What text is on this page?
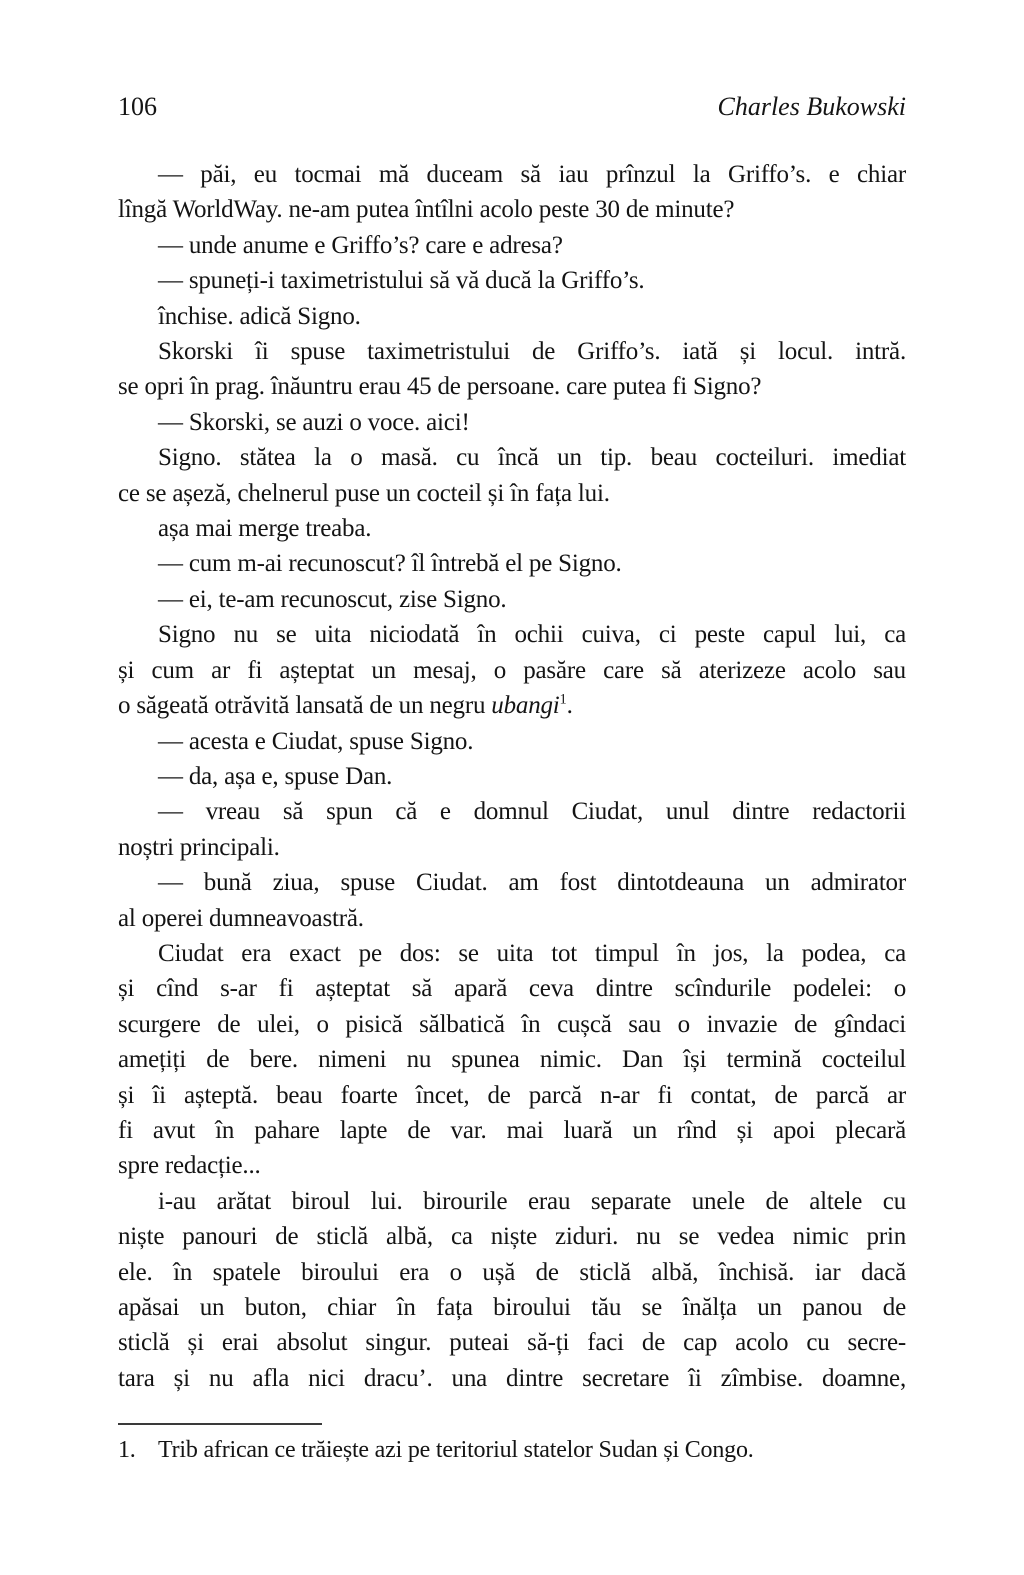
106	Charles Bukowski
— păi, eu tocmai mă duceam să iau prînzul la Griffo’s. e chiar
lîngă WorldWay. ne-am putea întîlni acolo peste 30 de minute?
— unde anume e Griffo’s? care e adresa?
— spuneți-i taximetristului să vă ducă la Griffo’s.
închise. adică Signo.
Skorski îi spuse taximetristului de Griffo’s. iată și locul. intră.
se opri în prag. înăuntru erau 45 de persoane. care putea fi Signo?
— Skorski, se auzi o voce. aici!
Signo. stătea la o masă. cu încă un tip. beau cocteiluri. imediat
ce se așeză, chelnerul puse un cocteil și în fața lui.
așa mai merge treaba.
— cum m-ai recunoscut? îl întrebă el pe Signo.
— ei, te-am recunoscut, zise Signo.
Signo nu se uita niciodată în ochii cuiva, ci peste capul lui, ca
și cum ar fi așteptat un mesaj, o pasăre care să aterizeze acolo sau
o săgeată otrăvită lansată de un negru ubangi$^1$.
— acesta e Ciudat, spuse Signo.
— da, așa e, spuse Dan.
— vreau să spun că e domnul Ciudat, unul dintre redactorii
noștri principali.
— bună ziua, spuse Ciudat. am fost dintotdeauna un admirator
al operei dumneavoastră.
Ciudat era exact pe dos: se uita tot timpul în jos, la podea, ca
și cînd s-ar fi așteptat să apară ceva dintre scîndurile podelei: o
scurgere de ulei, o pisică sălbatică în cușcă sau o invazie de gîndaci
amețiți de bere. nimeni nu spunea nimic. Dan își termină cocteilul
și îi așteptă. beau foarte încet, de parcă n-ar fi contat, de parcă ar
fi avut în pahare lapte de var. mai luară un rînd și apoi plecară
spre redacție...
i-au arătat biroul lui. birourile erau separate unele de altele cu
niște panouri de sticlă albă, ca niște ziduri. nu se vedea nimic prin
ele. în spatele biroului era o ușă de sticlă albă, închisă. iar dacă
apăsai un buton, chiar în fața biroului tău se înălța un panou de
sticlă și erai absolut singur. puteai să-ți faci de cap acolo cu secre-
tara și nu afla nici dracu’. una dintre secretare îi zîmbise. doamne,
1. Trib african ce trăiește azi pe teritoriul statelor Sudan și Congo.
